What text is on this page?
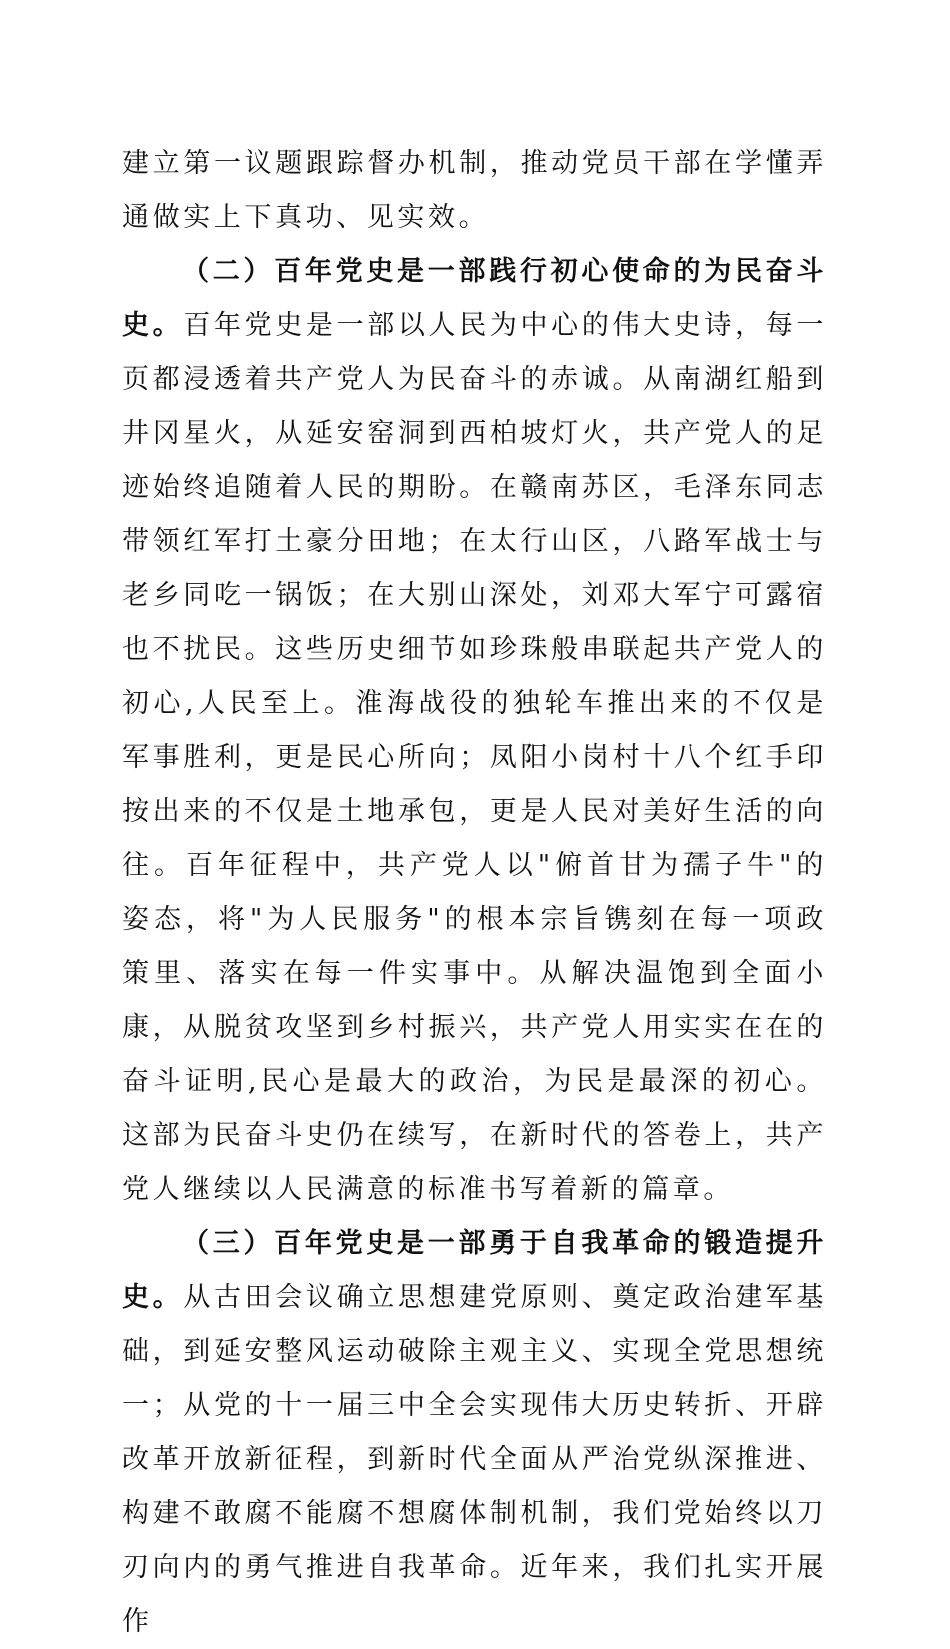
建立第一议题跟踪督办机制，推动党员干部在学懂弄通做实上下真功、见实效。

（二）百年党史是一部践行初心使命的为民奋斗史。百年党史是一部以人民为中心的伟大史诗，每一页都浸透着共产党人为民奋斗的赤诚。从南湖红船到井冈星火，从延安窑洞到西柏坡灯火，共产党人的足迹始终追随着人民的期盼。在赣南苏区，毛泽东同志带领红军打土豪分田地；在太行山区，八路军战士与老乡同吃一锅饭；在大别山深处，刘邓大军宁可露宿也不扰民。这些历史细节如珍珠般串联起共产党人的初心,人民至上。淮海战役的独轮车推出来的不仅是军事胜利，更是民心所向；凤阳小岗村十八个红手印按出来的不仅是土地承包，更是人民对美好生活的向往。百年征程中，共产党人以"俯首甘为孺子牛"的姿态，将"为人民服务"的根本宗旨镌刻在每一项政策里、落实在每一件实事中。从解决温饱到全面小康，从脱贫攻坚到乡村振兴，共产党人用实实在在的奋斗证明,民心是最大的政治，为民是最深的初心。这部为民奋斗史仍在续写，在新时代的答卷上，共产党人继续以人民满意的标准书写着新的篇章。

（三）百年党史是一部勇于自我革命的锻造提升史。从古田会议确立思想建党原则、奠定政治建军基础，到延安整风运动破除主观主义、实现全党思想统一；从党的十一届三中全会实现伟大历史转折、开辟改革开放新征程，到新时代全面从严治党纵深推进、构建不敢腐不能腐不想腐体制机制，我们党始终以刀刃向内的勇气推进自我革命。近年来，我们扎实开展作
